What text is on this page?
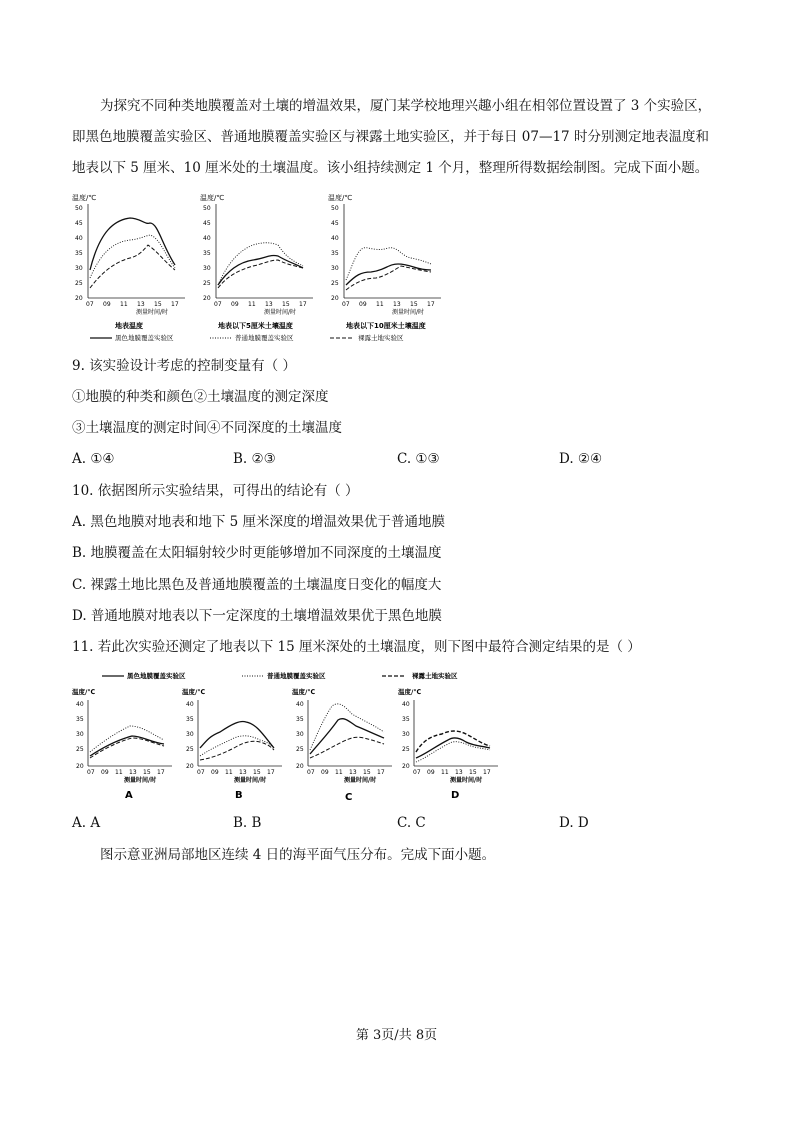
为探究不同种类地膜覆盖对土壤的增温效果，厦门某学校地理兴趣小组在相邻位置设置了 3 个实验区，
即黑色地膜覆盖实验区、普通地膜覆盖实验区与裸露土地实验区，并于每日 07—17 时分别测定地表温度和
地表以下 5 厘米、10 厘米处的土壤温度。该小组持续测定 1 个月，整理所得数据绘制图。完成下面小题。
温度/℃
50
45
40
35
30
25
20
07 09 11 13 15 17
测量时间/时
地表温度
温度/℃
50
45
40
35
30
25
20
07 09 11 13 15 17
测量时间/时
地表以下5厘米土壤温度
温度/℃
50
45
40
35
30
25
20
07 09 11 13 15 17
测量时间/时
地表以下10厘米土壤温度
黑色地膜覆盖实验区	普通地膜覆盖实验区	裸露土地实验区
9. 该实验设计考虑的控制变量有（ ）
①地膜的种类和颜色②土壤温度的测定深度
③土壤温度的测定时间④不同深度的土壤温度
A. ①④	B. ②③	C. ①③	D. ②④
10. 依据图所示实验结果，可得出的结论有（ ）
A. 黑色地膜对地表和地下 5 厘米深度的增温效果优于普通地膜
B. 地膜覆盖在太阳辐射较少时更能够增加不同深度的土壤温度
C. 裸露土地比黑色及普通地膜覆盖的土壤温度日变化的幅度大
D. 普通地膜对地表以下一定深度的土壤增温效果优于黑色地膜
11. 若此次实验还测定了地表以下 15 厘米深处的土壤温度，则下图中最符合测定结果的是（ ）
黑色地膜覆盖实验区	普通地膜覆盖实验区	裸露土地实验区
温度/℃
40
35
30
25
20
07 09 11 13 15 17
测量时间/时
A
温度/℃
40
35
30
25
20
07 09 11 13 15 17
测量时间/时
B
温度/℃
40
35
30
25
20
07 09 11 13 15 17
测量时间/时
C
温度/℃
40
35
30
25
20
07 09 11 13 15 17
测量时间/时
D
A. A	B. B	C. C	D. D
图示意亚洲局部地区连续 4 日的海平面气压分布。完成下面小题。
第 3页/共 8页
